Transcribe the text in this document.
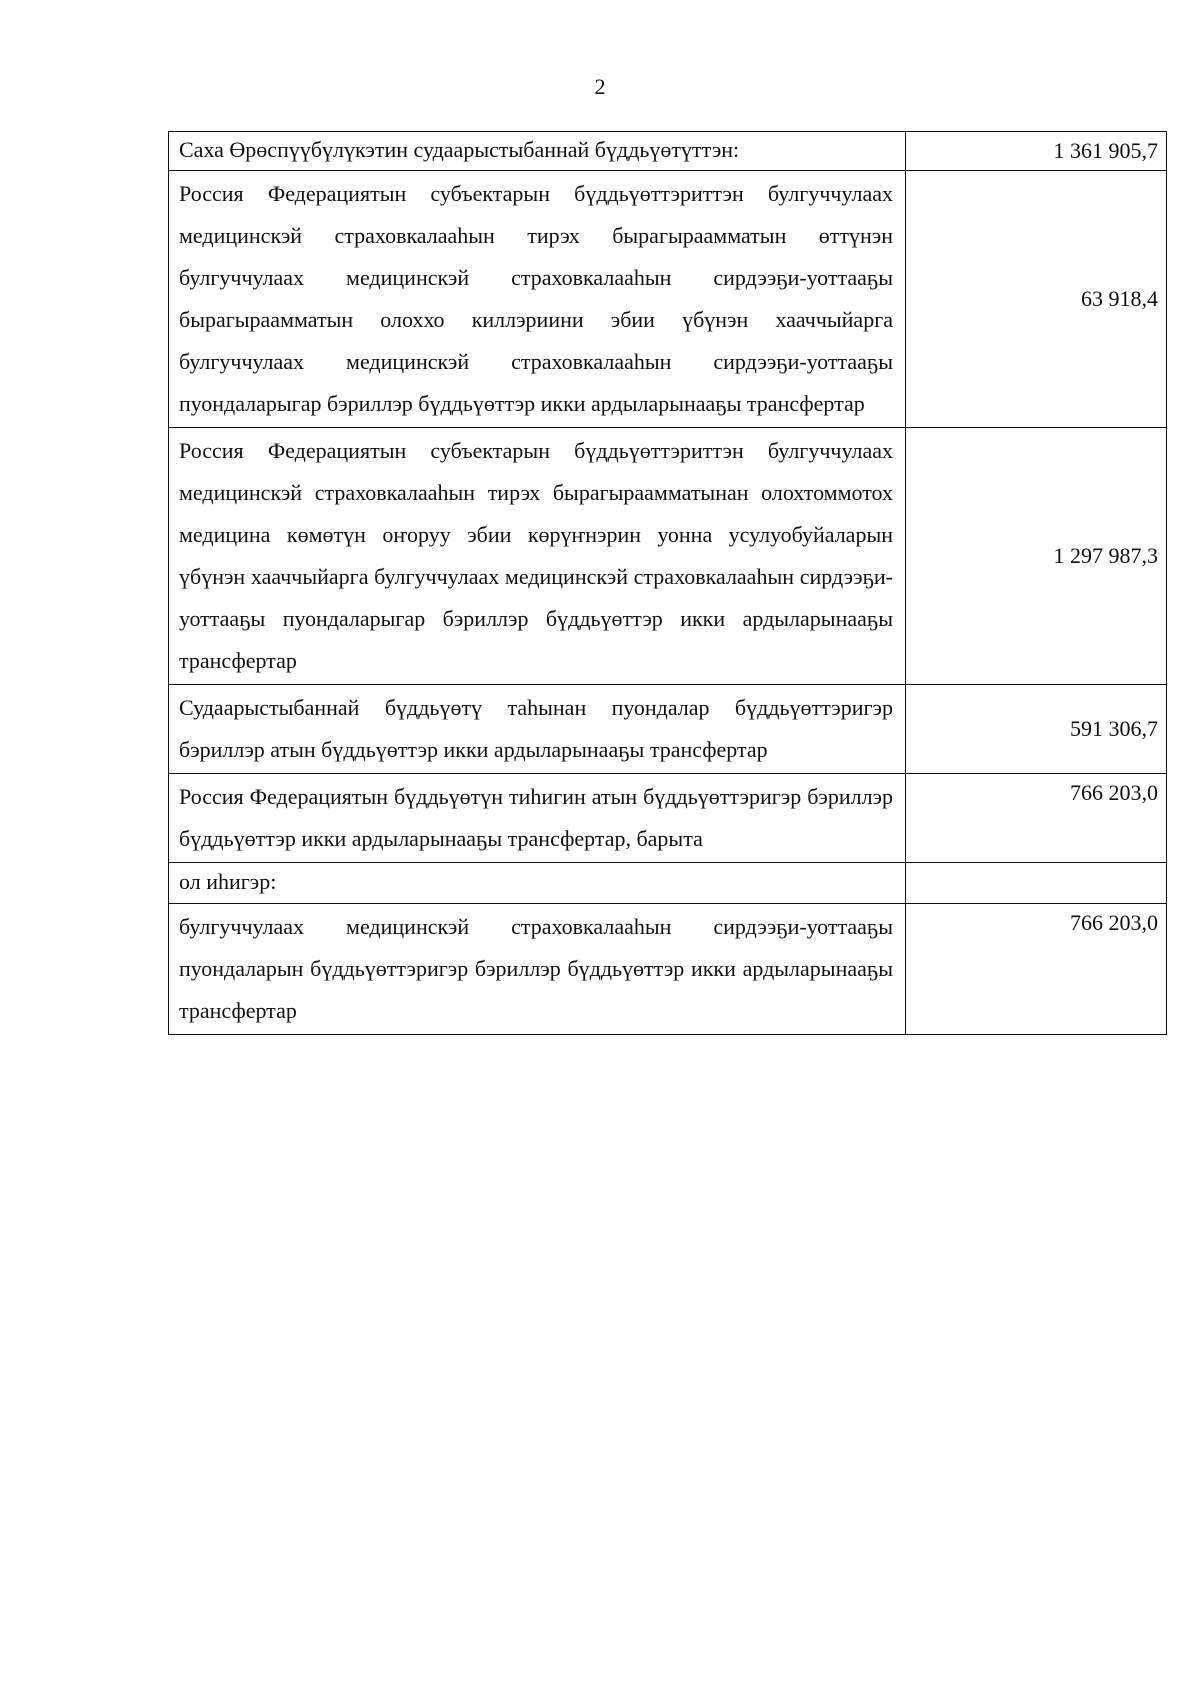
2
Саха Өрөспүүбүлүкэтин судаарыстыбаннай бүддьүөтүттэн:	1 361 905,7
Россия Федерациятын субъектарын бүддьүөттэриттэн булгуччулаах медицинскэй страховкалааһын тирэх бырагыраамматын өттүнэн булгуччулаах медицинскэй страховкалааһын сирдээҕи-уоттааҕы бырагыраамматын олоххо киллэриини эбии үбүнэн хааччыйарга булгуччулаах медицинскэй страховкалааһын сирдээҕи-уоттааҕы пуондаларыгар бэриллэр бүддьүөттэр икки ардыларынааҕы трансфертар	63 918,4
Россия Федерациятын субъектарын бүддьүөттэриттэн булгуччулаах медицинскэй страховкалааһын тирэх бырагыраамматынан олохтоммотох медицина көмөтүн оҥоруу эбии көрүҥнэрин уонна усулуобуйаларын үбүнэн хааччыйарга булгуччулаах медицинскэй страховкалааһын сирдээҕи-уоттааҕы пуондаларыгар бэриллэр бүддьүөттэр икки ардыларынааҕы трансфертар	1 297 987,3
Судаарыстыбаннай бүддьүөтү таһынан пуондалар бүддьүөттэригэр бэриллэр атын бүддьүөттэр икки ардыларынааҕы трансфертар	591 306,7
Россия Федерациятын бүддьүөтүн тиһигин атын бүддьүөттэригэр бэриллэр бүддьүөттэр икки ардыларынааҕы трансфертар, барыта	766 203,0
ол иһигэр:	
булгуччулаах медицинскэй страховкалааһын сирдээҕи-уоттааҕы пуондаларын бүддьүөттэригэр бэриллэр бүддьүөттэр икки ардыларынааҕы трансфертар	766 203,0
